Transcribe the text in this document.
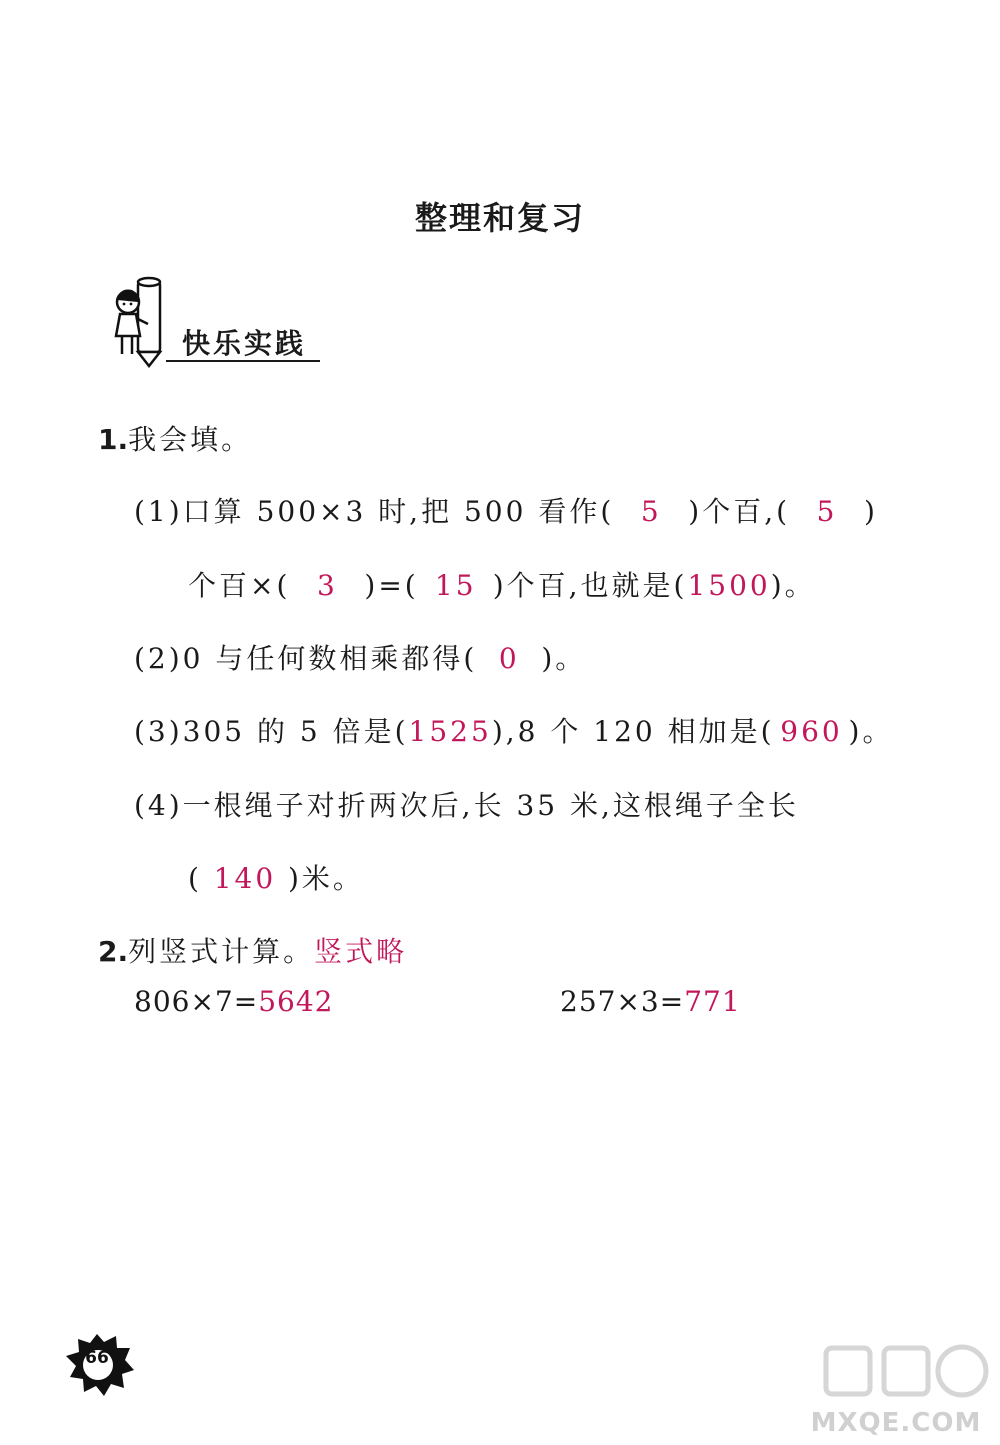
整理和复习
快乐实践
1.我会填。
(1)口算 500×3 时,把 500 看作( 5 )个百,( 5 )
个百×( 3 )=( 15 )个百,也就是(1500)。
(2)0 与任何数相乘都得( 0 )。
(3)305 的 5 倍是(1525),8 个 120 相加是( 960 )。
(4)一根绳子对折两次后,长 35 米,这根绳子全长
( 140 )米。
2.列竖式计算。竖式略
806×7=5642	257×3=771
66
MXQE.COM
